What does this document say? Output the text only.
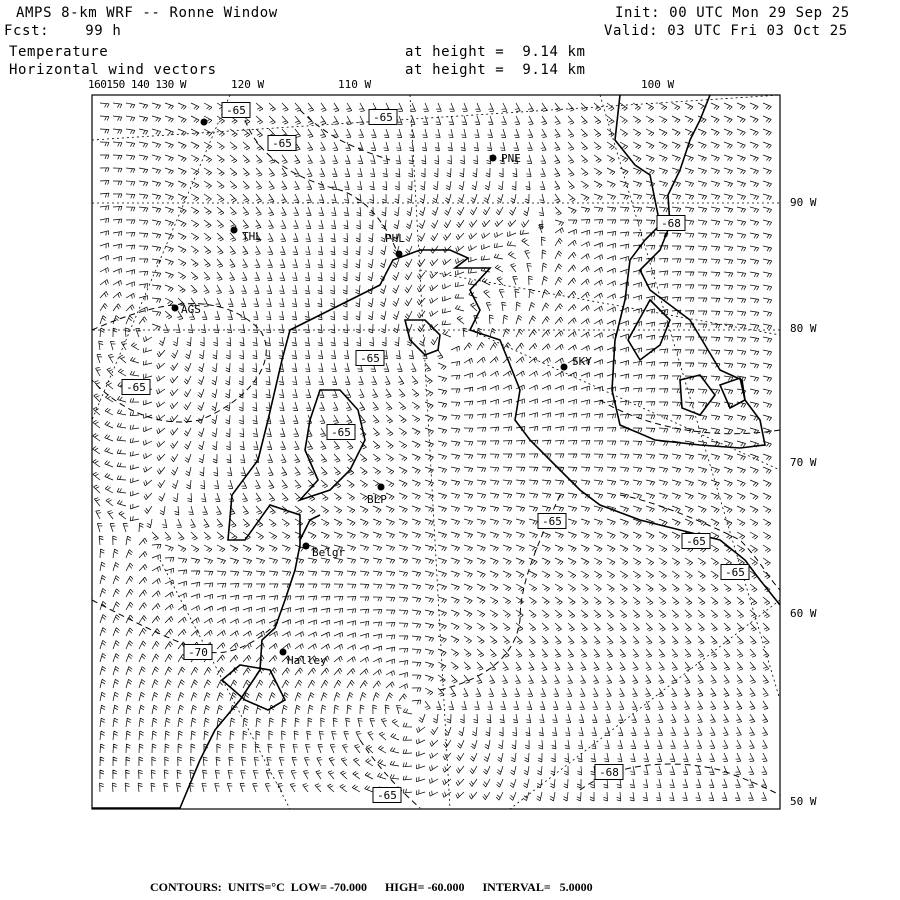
AMPS 8-km WRF -- Ronne Window
Fcst:    99 h
Temperature
Horizontal wind vectors
at height =  9.14 km
at height =  9.14 km
Init: 00 UTC Mon 29 Sep 25
Valid: 03 UTC Fri 03 Oct 25
160150 140 130 W	120 W	110 W	100 W
90 W
80 W
70 W
60 W
50 W
PNE
THL	PHL
AGS
SKY
BLP
Belgr
Halley
-65
-65
-65
-68
-65
-65
-65
-65
-65
-65
-70
-65
-68
CONTOURS:  UNITS=°C  LOW= -70.000      HIGH= -60.000      INTERVAL=   5.0000
